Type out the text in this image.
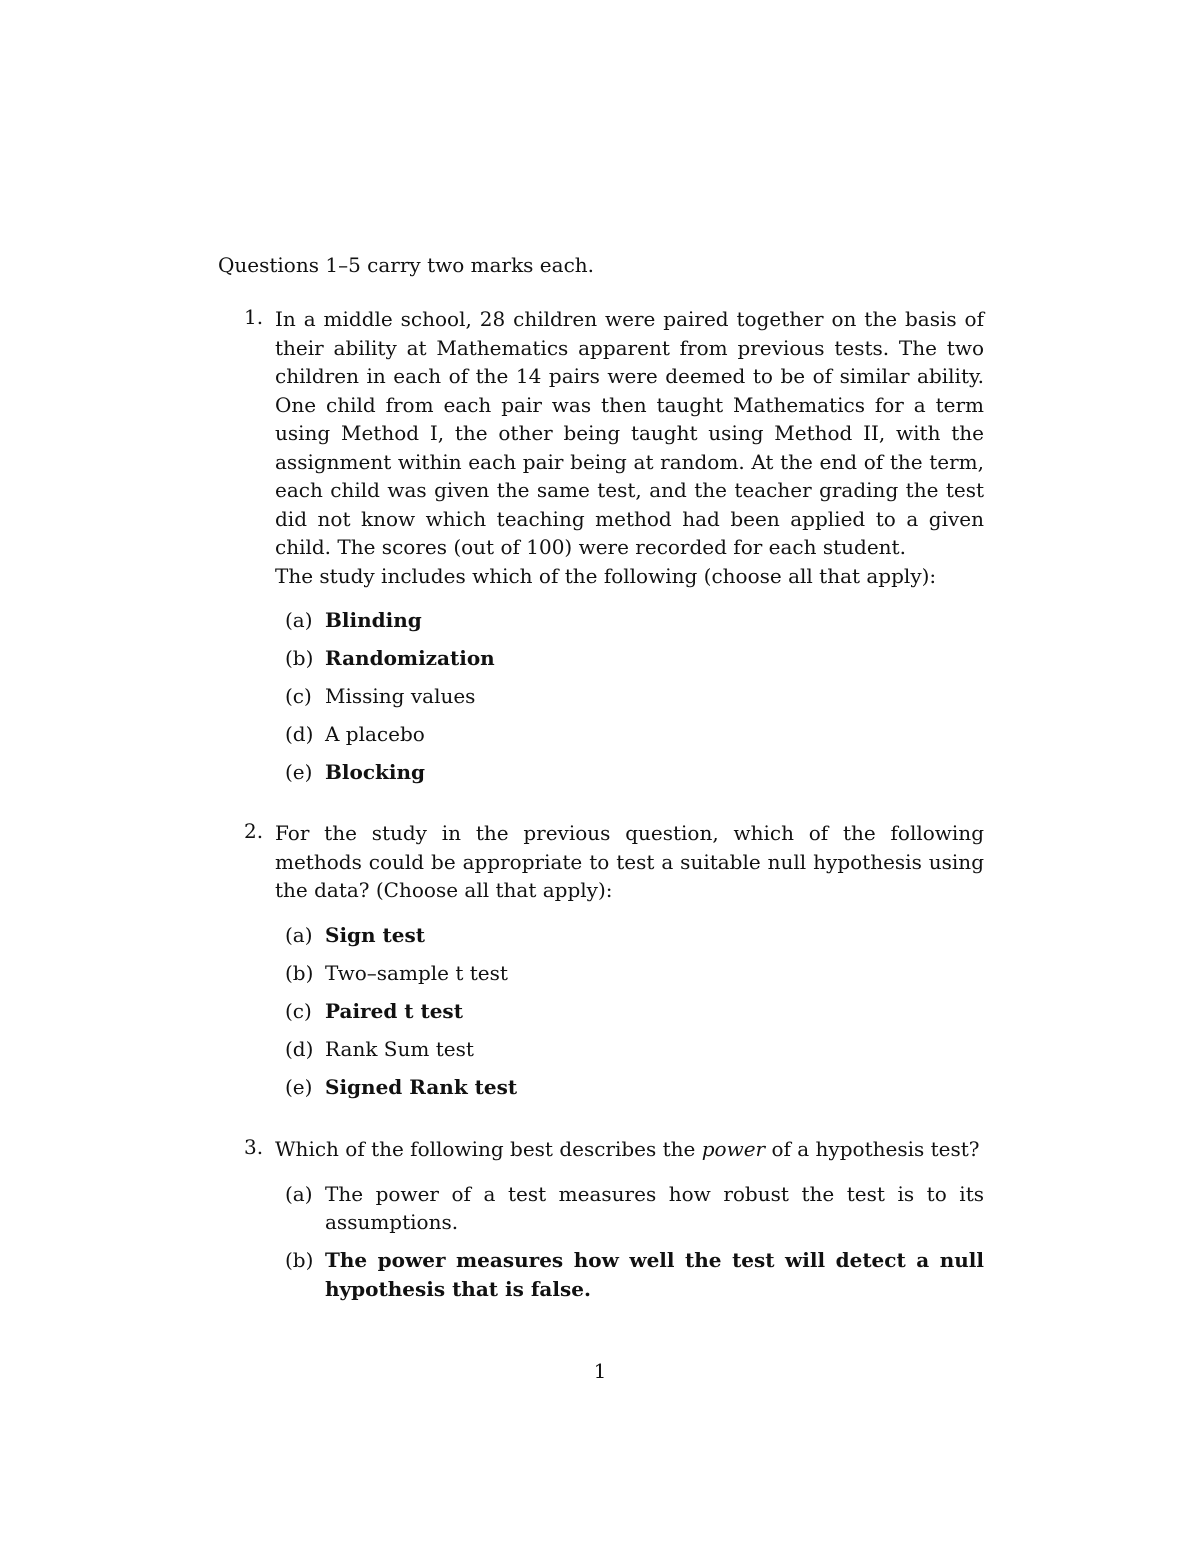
Questions 1–5 carry two marks each.
1. In a middle school, 28 children were paired together on the basis of their ability at Mathematics apparent from previous tests. The two children in each of the 14 pairs were deemed to be of similar ability. One child from each pair was then taught Mathematics for a term using Method I, the other being taught using Method II, with the assignment within each pair being at random. At the end of the term, each child was given the same test, and the teacher grading the test did not know which teaching method had been applied to a given child. The scores (out of 100) were recorded for each student.

The study includes which of the following (choose all that apply):

(a) Blinding
(b) Randomization
(c) Missing values
(d) A placebo
(e) Blocking
2. For the study in the previous question, which of the following methods could be appropriate to test a suitable null hypothesis using the data? (Choose all that apply):

(a) Sign test
(b) Two–sample t test
(c) Paired t test
(d) Rank Sum test
(e) Signed Rank test
3. Which of the following best describes the power of a hypothesis test?

(a) The power of a test measures how robust the test is to its assumptions.
(b) The power measures how well the test will detect a null hypothesis that is false.
1
